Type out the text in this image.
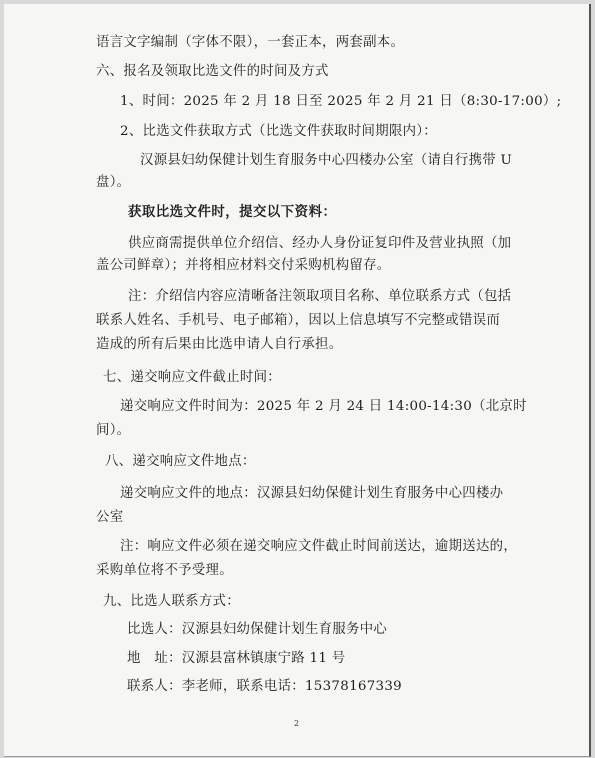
语言文字编制（字体不限），一套正本，两套副本。
六、报名及领取比选文件的时间及方式
1、时间：2025 年 2 月 18 日至 2025 年 2 月 21 日（8:30-17:00）;
2、比选文件获取方式（比选文件获取时间期限内）：
汉源县妇幼保健计划生育服务中心四楼办公室（请自行携带 U
盘）。
获取比选文件时，提交以下资料：
供应商需提供单位介绍信、经办人身份证复印件及营业执照（加
盖公司鲜章）；并将相应材料交付采购机构留存。
注：介绍信内容应清晰备注领取项目名称、单位联系方式（包括
联系人姓名、手机号、电子邮箱），因以上信息填写不完整或错误而
造成的所有后果由比选申请人自行承担。
七、递交响应文件截止时间：
递交响应文件时间为：2025 年 2 月 24 日 14:00-14:30（北京时
间）。
八、递交响应文件地点：
递交响应文件的地点：汉源县妇幼保健计划生育服务中心四楼办
公室
注：响应文件必须在递交响应文件截止时间前送达，逾期送达的，
采购单位将不予受理。
九、比选人联系方式：
比选人：汉源县妇幼保健计划生育服务中心
地　址：汉源县富林镇康宁路 11 号
联系人：李老师，联系电话：15378167339
2
